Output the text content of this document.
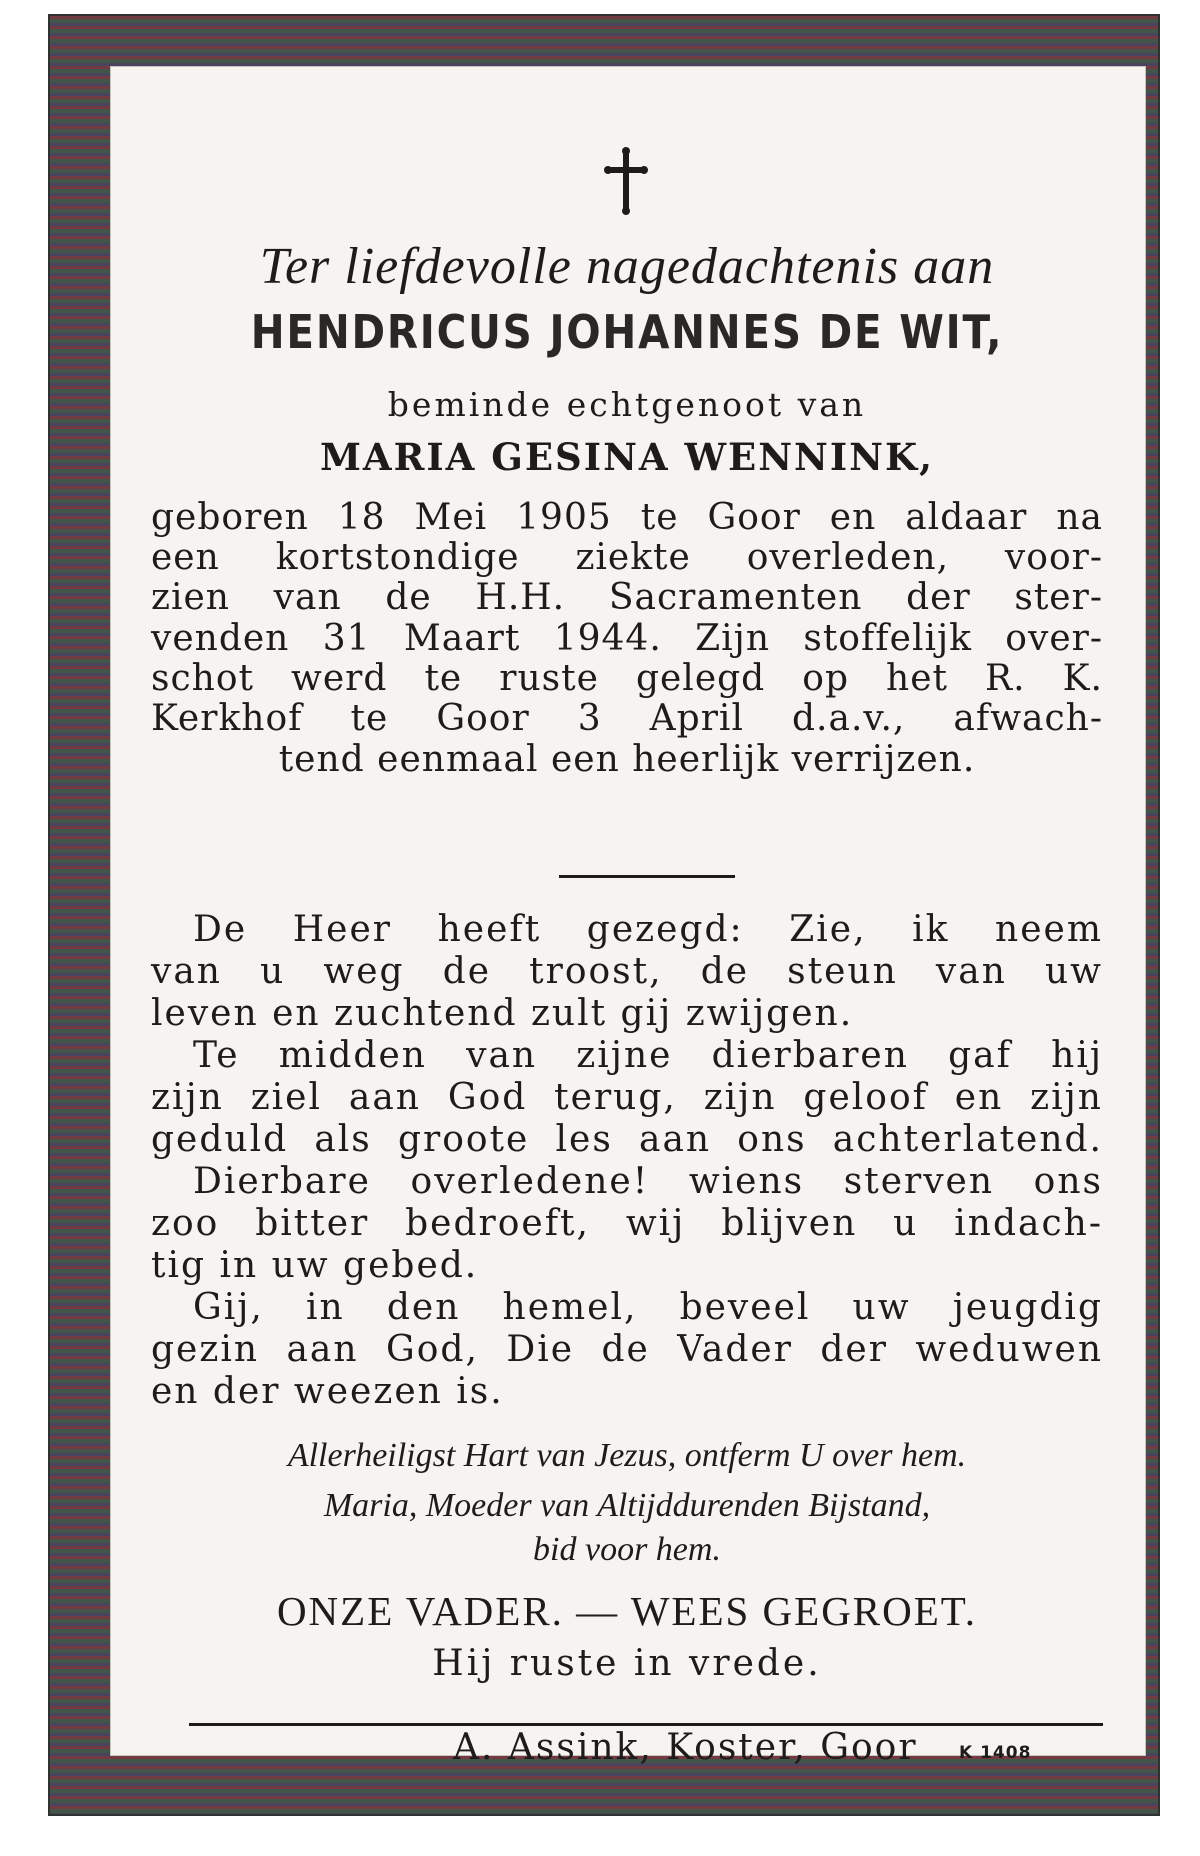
Ter liefdevolle nagedachtenis aan
HENDRICUS JOHANNES DE WIT,
beminde echtgenoot van
MARIA GESINA WENNINK,
geboren 18 Mei 1905 te Goor en aldaar na
een kortstondige ziekte overleden, voor-
zien van de H.H. Sacramenten der ster-
venden 31 Maart 1944. Zijn stoffelijk over-
schot werd te ruste gelegd op het R. K.
Kerkhof te Goor 3 April d.a.v., afwach-
tend eenmaal een heerlijk verrijzen.
De Heer heeft gezegd: Zie, ik neem
van u weg de troost, de steun van uw
leven en zuchtend zult gij zwijgen.
Te midden van zijne dierbaren gaf hij
zijn ziel aan God terug, zijn geloof en zijn
geduld als groote les aan ons achterlatend.
Dierbare overledene! wiens sterven ons
zoo bitter bedroeft, wij blijven u indach-
tig in uw gebed.
Gij, in den hemel, beveel uw jeugdig
gezin aan God, Die de Vader der weduwen
en der weezen is.
Allerheiligst Hart van Jezus, ontferm U over hem.
Maria, Moeder van Altijddurenden Bijstand,
bid voor hem.
ONZE VADER. — WEES GEGROET.
Hij ruste in vrede.
A. Assink, Koster, Goor K 1408
